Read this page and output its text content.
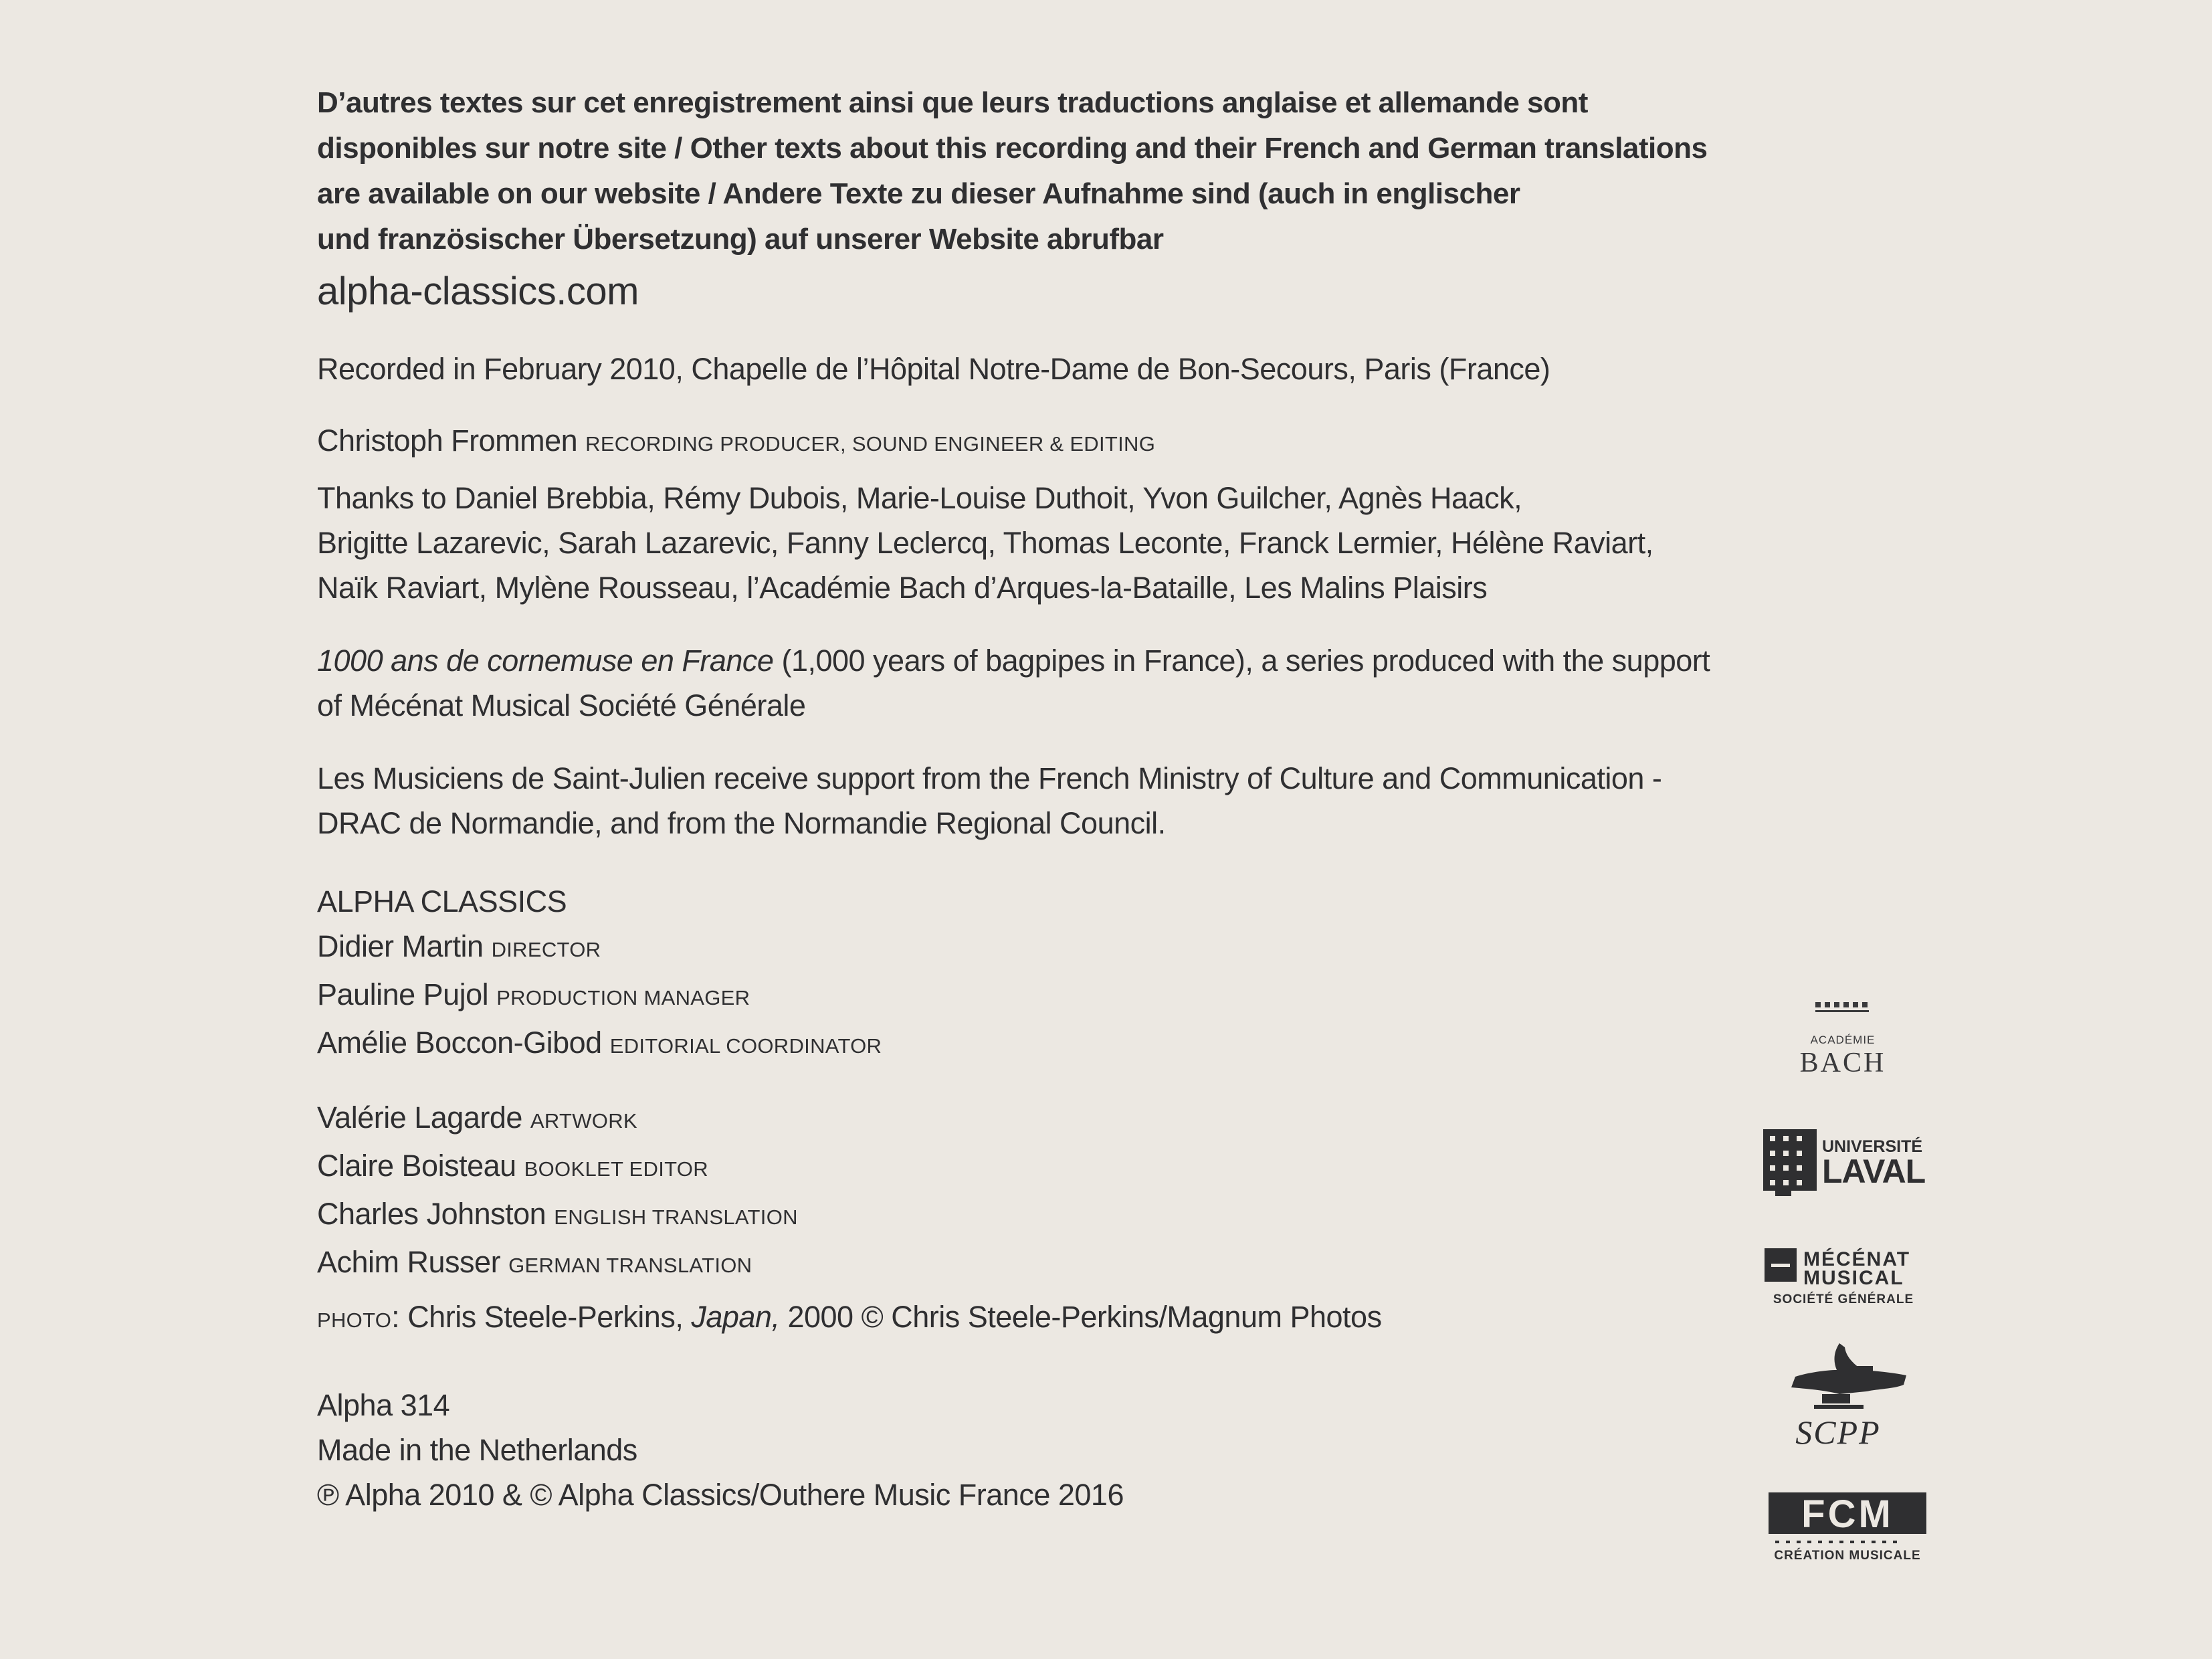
D’autres textes sur cet enregistrement ainsi que leurs traductions anglaise et allemande sont
disponibles sur notre site / Other texts about this recording and their French and German translations
are available on our website / Andere Texte zu dieser Aufnahme sind (auch in englischer
und französischer Übersetzung) auf unserer Website abrufbar

alpha-classics.com

Recorded in February 2010, Chapelle de l’Hôpital Notre-Dame de Bon-Secours, Paris (France)

Christoph Frommen RECORDING PRODUCER, SOUND ENGINEER & EDITING

Thanks to Daniel Brebbia, Rémy Dubois, Marie-Louise Duthoit, Yvon Guilcher, Agnès Haack,
Brigitte Lazarevic, Sarah Lazarevic, Fanny Leclercq, Thomas Leconte, Franck Lermier, Hélène Raviart,
Naïk Raviart, Mylène Rousseau, l’Académie Bach d’Arques-la-Bataille, Les Malins Plaisirs
1000 ans de cornemuse en France (1,000 years of bagpipes in France), a series produced with the support
of Mécénat Musical Société Générale
Les Musiciens de Saint-Julien receive support from the French Ministry of Culture and Communication -
DRAC de Normandie, and from the Normandie Regional Council.
ALPHA CLASSICS
Didier Martin DIRECTOR
Pauline Pujol PRODUCTION MANAGER
Amélie Boccon-Gibod EDITORIAL COORDINATOR
Valérie Lagarde ARTWORK
Claire Boisteau BOOKLET EDITOR
Charles Johnston ENGLISH TRANSLATION
Achim Russer GERMAN TRANSLATION

PHOTO: Chris Steele-Perkins, Japan, 2000 © Chris Steele-Perkins/Magnum Photos

Alpha 314
Made in the Netherlands
℗ Alpha 2010 & © Alpha Classics/Outhere Music France 2016
ACADÉMIE
BACH
UNIVERSITÉ
LAVAL
MÉCÉNAT
MUSICAL
SOCIÉTÉ GÉNÉRALE
SCPP
FCM
CRÉATION MUSICALE
